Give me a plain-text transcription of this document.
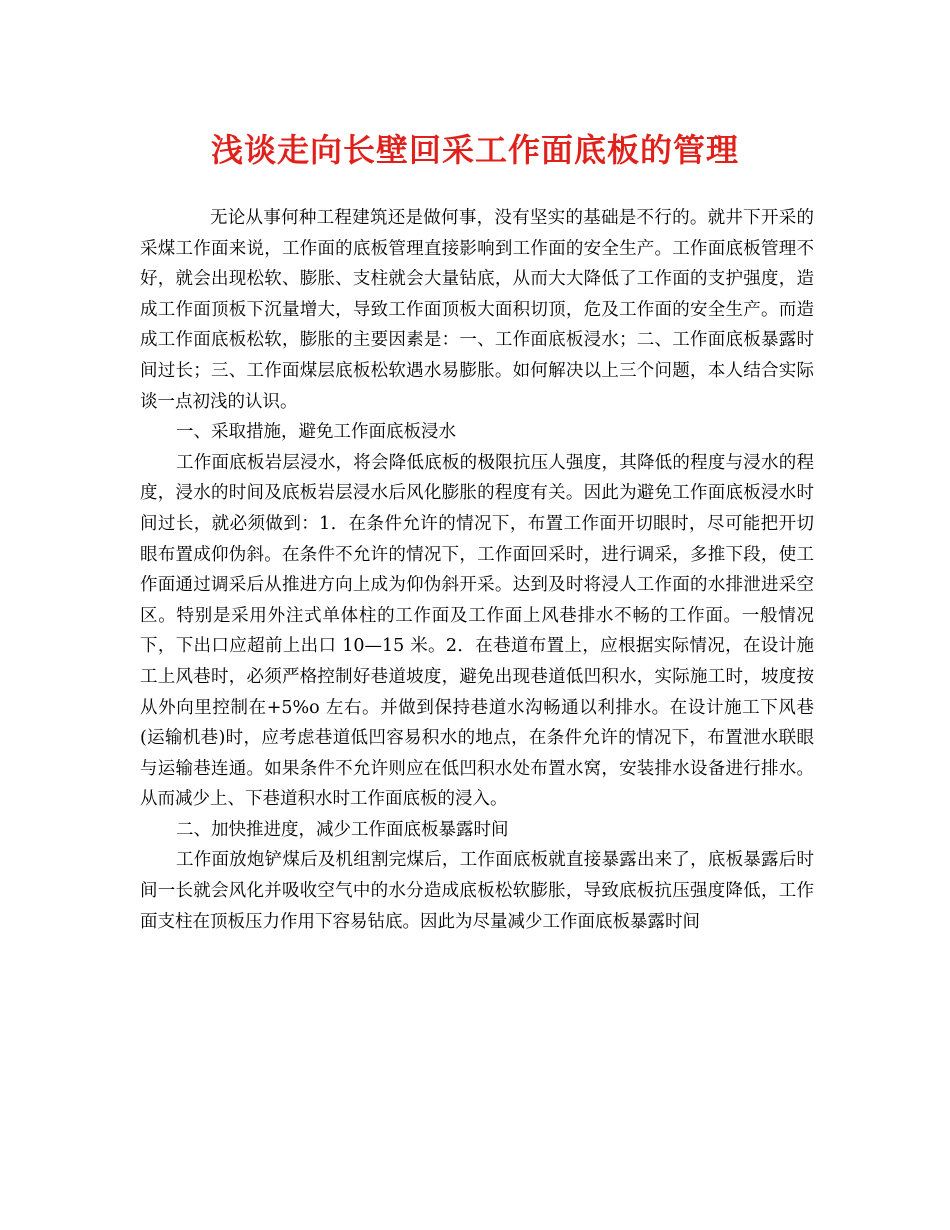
浅谈走向长壁回采工作面底板的管理

无论从事何种工程建筑还是做何事，没有坚实的基础是不行的。就井下开采的采煤工作面来说，工作面的底板管理直接影响到工作面的安全生产。工作面底板管理不好，就会出现松软、膨胀、支柱就会大量钻底，从而大大降低了工作面的支护强度，造成工作面顶板下沉量增大，导致工作面顶板大面积切顶，危及工作面的安全生产。而造成工作面底板松软，膨胀的主要因素是：一、工作面底板浸水；二、工作面底板暴露时间过长；三、工作面煤层底板松软遇水易膨胀。如何解决以上三个问题，本人结合实际谈一点初浅的认识。

一、采取措施，避免工作面底板浸水

工作面底板岩层浸水，将会降低底板的极限抗压人强度，其降低的程度与浸水的程度，浸水的时间及底板岩层浸水后风化膨胀的程度有关。因此为避免工作面底板浸水时间过长，就必须做到：1．在条件允许的情况下，布置工作面开切眼时，尽可能把开切眼布置成仰伪斜。在条件不允许的情况下，工作面回采时，进行调采，多推下段，使工作面通过调采后从推进方向上成为仰伪斜开采。达到及时将浸人工作面的水排泄进采空区。特别是采用外注式单体柱的工作面及工作面上风巷排水不畅的工作面。一般情况下，下出口应超前上出口 10—15 米。2．在巷道布置上，应根据实际情况，在设计施工上风巷时，必须严格控制好巷道坡度，避免出现巷道低凹积水，实际施工时，坡度按从外向里控制在+5%o 左右。并做到保持巷道水沟畅通以利排水。在设计施工下风巷(运输机巷)时，应考虑巷道低凹容易积水的地点，在条件允许的情况下，布置泄水联眼与运输巷连通。如果条件不允许则应在低凹积水处布置水窝，安装排水设备进行排水。从而减少上、下巷道积水时工作面底板的浸入。

二、加快推进度，减少工作面底板暴露时间

工作面放炮铲煤后及机组割完煤后，工作面底板就直接暴露出来了，底板暴露后时间一长就会风化并吸收空气中的水分造成底板松软膨胀，导致底板抗压强度降低，工作面支柱在顶板压力作用下容易钻底。因此为尽量减少工作面底板暴露时间
